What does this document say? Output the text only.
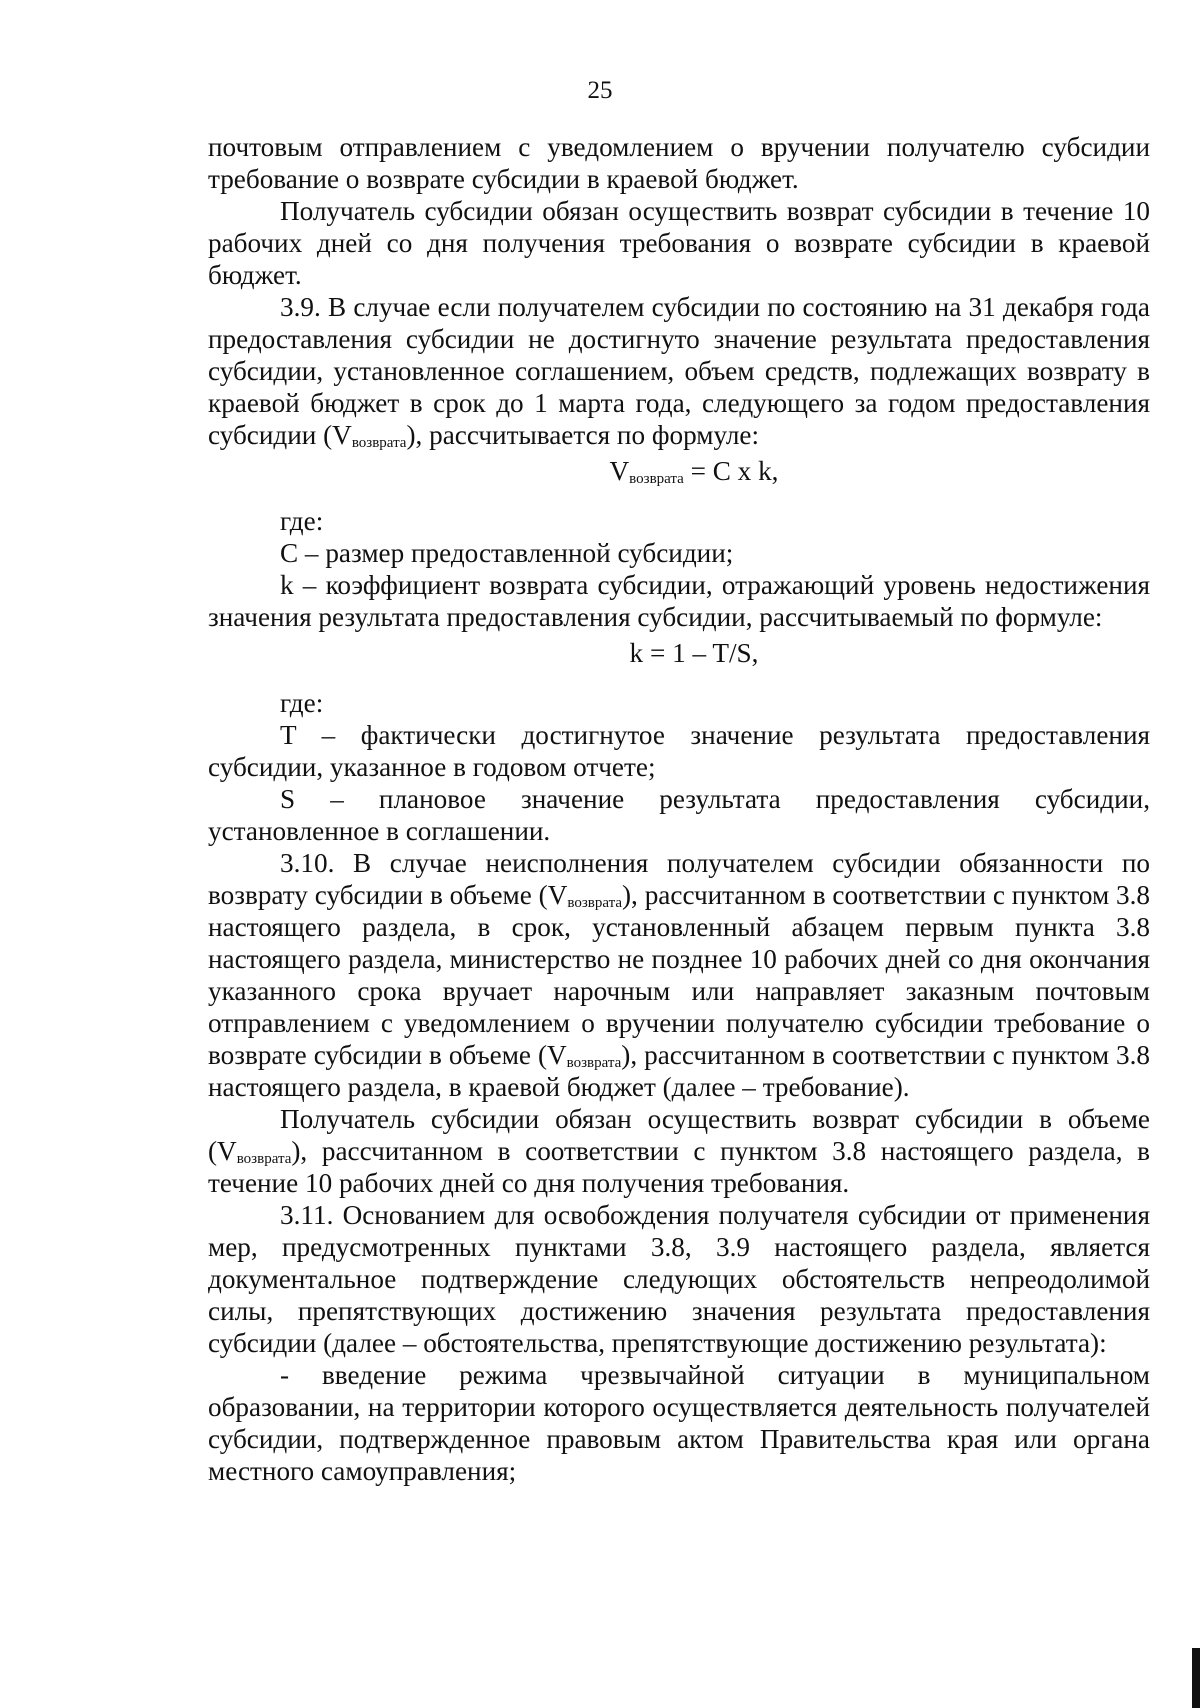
25

почтовым отправлением с уведомлением о вручении получателю субсидии требование о возврате субсидии в краевой бюджет.

Получатель субсидии обязан осуществить возврат субсидии в течение 10 рабочих дней со дня получения требования о возврате субсидии в краевой бюджет.

3.9. В случае если получателем субсидии по состоянию на 31 декабря года предоставления субсидии не достигнуто значение результата предоставления субсидии, установленное соглашением, объем средств, подлежащих возврату в краевой бюджет в срок до 1 марта года, следующего за годом предоставления субсидии $(V_{возврата})$, рассчитывается по формуле:

$V_{возврата} = C$ x k,

где:

C – размер предоставленной субсидии;

k – коэффициент возврата субсидии, отражающий уровень недостижения значения результата предоставления субсидии, рассчитываемый по формуле:

k = 1 – T/S,

где:

T – фактически достигнутое значение результата предоставления субсидии, указанное в годовом отчете;

S – плановое значение результата предоставления субсидии, установленное в соглашении.

3.10. В случае неисполнения получателем субсидии обязанности по возврату субсидии в объеме $(V_{возврата})$, рассчитанном в соответствии с пунктом 3.8 настоящего раздела, в срок, установленный абзацем первым пункта 3.8 настоящего раздела, министерство не позднее 10 рабочих дней со дня окончания указанного срока вручает нарочным или направляет заказным почтовым отправлением с уведомлением о вручении получателю субсидии требование о возврате субсидии в объеме $(V_{возврата})$, рассчитанном в соответствии с пунктом 3.8 настоящего раздела, в краевой бюджет (далее – требование).

Получатель субсидии обязан осуществить возврат субсидии в объеме $(V_{возврата})$, рассчитанном в соответствии с пунктом 3.8 настоящего раздела, в течение 10 рабочих дней со дня получения требования.

3.11. Основанием для освобождения получателя субсидии от применения мер, предусмотренных пунктами 3.8, 3.9 настоящего раздела, является документальное подтверждение следующих обстоятельств непреодолимой силы, препятствующих достижению значения результата предоставления субсидии (далее – обстоятельства, препятствующие достижению результата):

- введение режима чрезвычайной ситуации в муниципальном образовании, на территории которого осуществляется деятельность получателей субсидии, подтвержденное правовым актом Правительства края или органа местного самоуправления;
